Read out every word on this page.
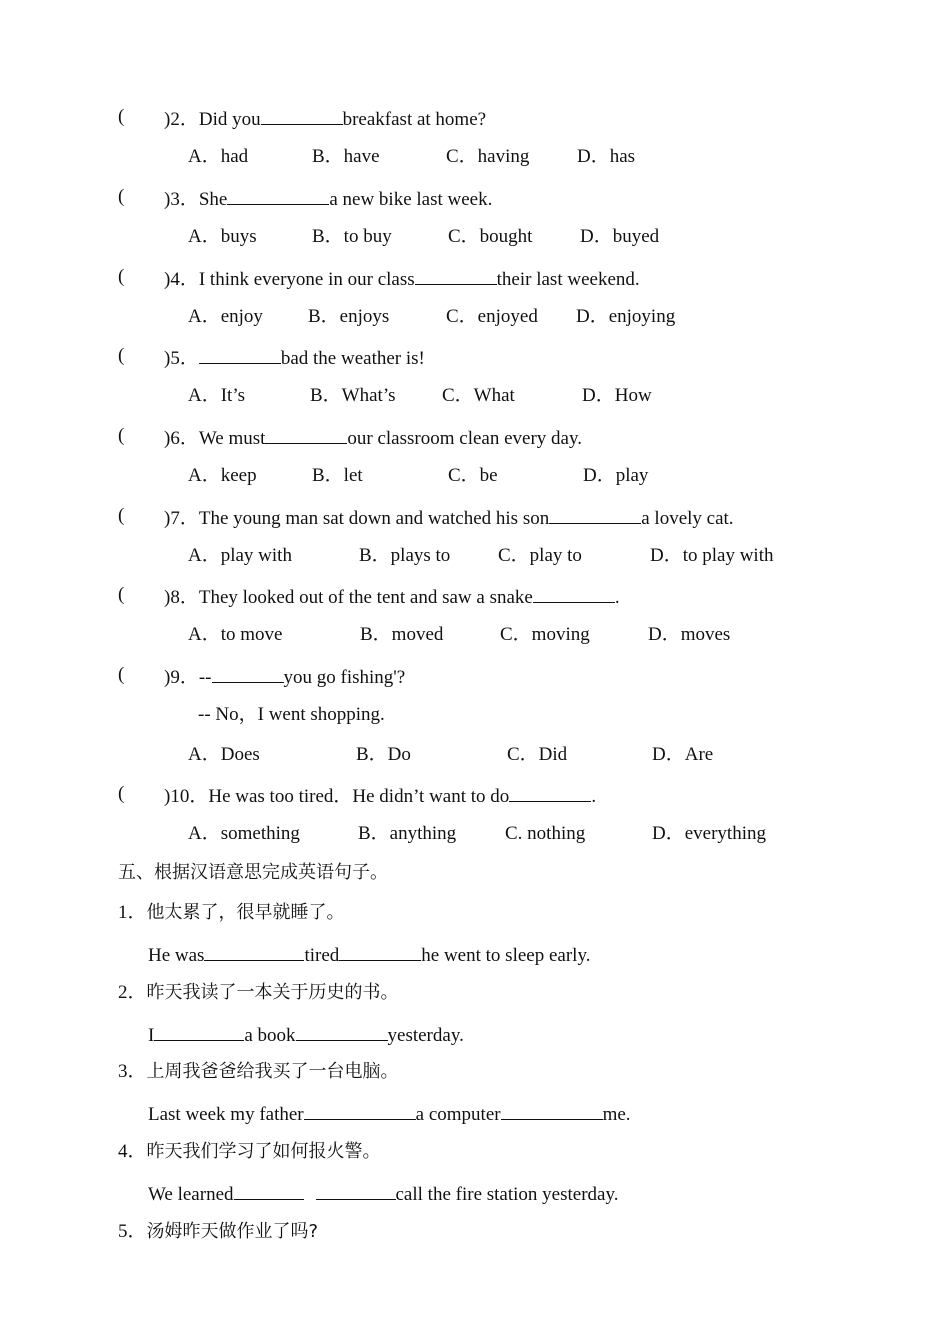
( )2．Did you	breakfast at home?
A．had	B．have	C．having	D．has
( )3．She	a new bike last week.
A．buys	B．to buy	C．bought	D．buyed
( )4．I think everyone in our class	their last weekend.
A．enjoy B．enjoys	C．enjoyed D．enjoying
( )5．	bad the weather is!
A．It’s	B．What’s C．What	D．How
( )6．We must	our classroom clean every day.
A．keep	B．let	C．be	D．play
( )7．The young man sat down and watched his son	a lovely cat.
A．play with	B．plays to	C．play to	D．to play with
( )8．They looked out of the tent and saw a snake	.
A．to move	B．moved	C．moving	D．moves
( )9．--	you go fishing'?
-- No，I went shopping.
A．Does	B．Do	C．Did	D．Are
( )10．He was too tired．He didn’t want to do	.
A．something	B．anything	C. nothing	D．everything
五、根据汉语意思完成英语句子。
1．他太累了，很早就睡了。
He was	tired	he went to sleep early.
2．昨天我读了一本关于历史的书。
I	a book	yesterday.
3．上周我爸爸给我买了一台电脑。
Last week my father	a computer	me.
4．昨天我们学习了如何报火警。
We learned	call the fire station yesterday.
5．汤姆昨天做作业了吗?
